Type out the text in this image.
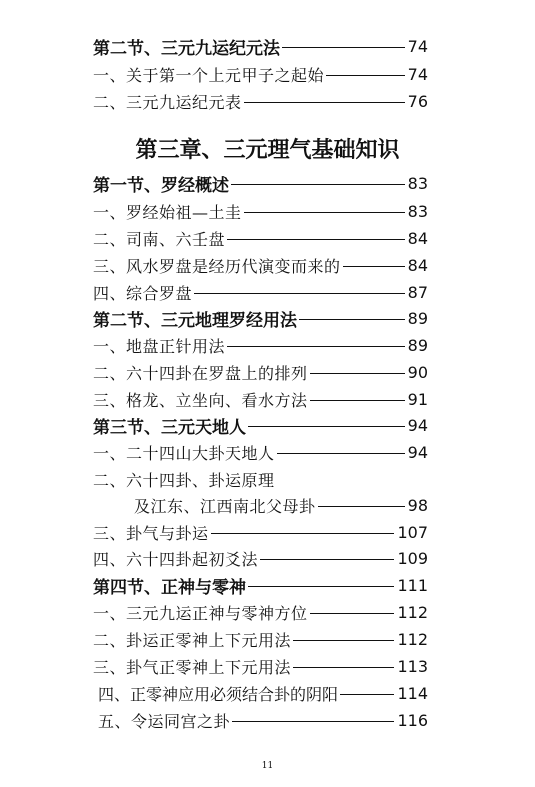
第二节、三元九运纪元法	74
一、关于第一个上元甲子之起始	74
二、三元九运纪元表	76
第三章、三元理气基础知识
第一节、罗经概述	83
一、罗经始祖—土圭	83
二、司南、六壬盘	84
三、风水罗盘是经历代演变而来的	84
四、综合罗盘	87
第二节、三元地理罗经用法	89
一、地盘正针用法	89
二、六十四卦在罗盘上的排列	90
三、格龙、立坐向、看水方法	91
第三节、三元天地人	94
一、二十四山大卦天地人	94
二、六十四卦、卦运原理
及江东、江西南北父母卦	98
三、卦气与卦运	107
四、六十四卦起初爻法	109
第四节、正神与零神	111
一、三元九运正神与零神方位	112
二、卦运正零神上下元用法	112
三、卦气正零神上下元用法	113
四、正零神应用必须结合卦的阴阳	114
五、令运同宫之卦	116
11
